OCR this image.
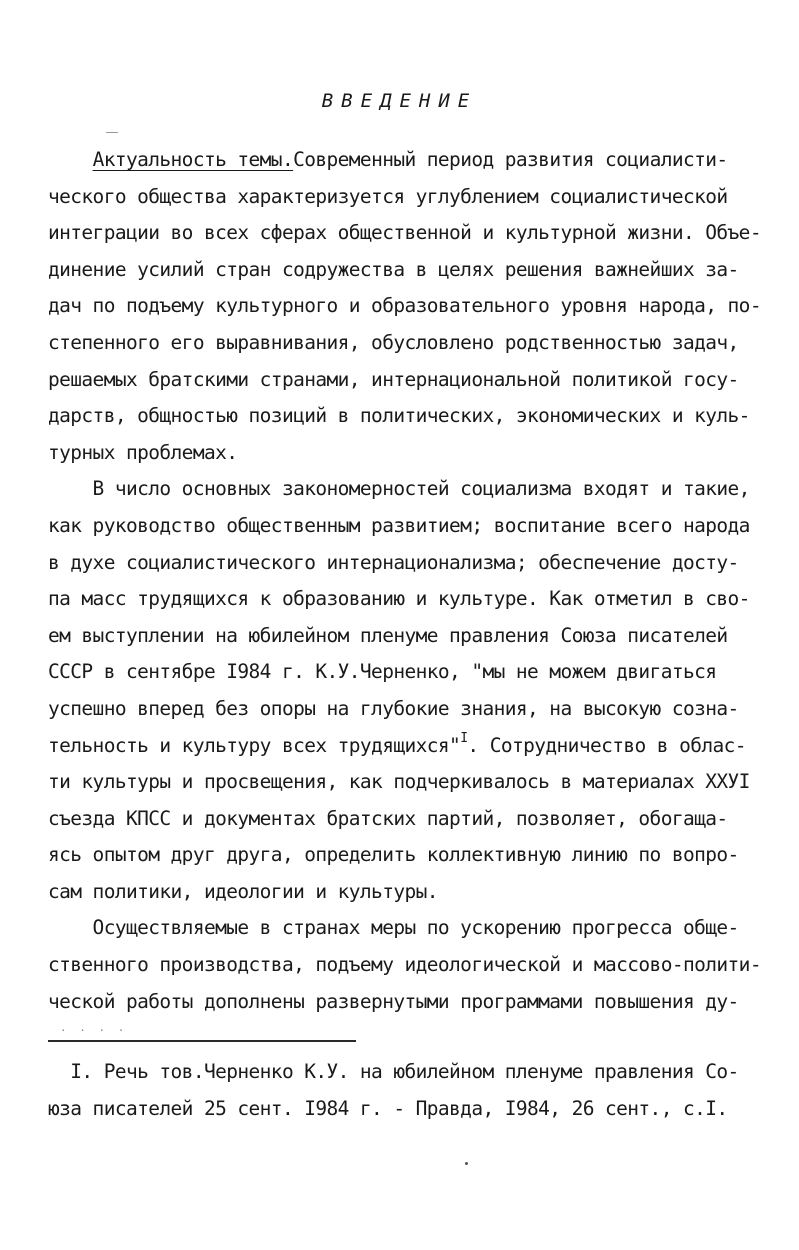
ВВЕДЕНИЕ
Актуальность темы.Современный период развития социалисти-
ческого общества характеризуется углублением социалистической
интеграции во всех сферах общественной и культурной жизни. Объе-
динение усилий стран содружества в целях решения важнейших за-
дач по подъему культурного и образовательного уровня народа, по-
степенного его выравнивания, обусловлено родственностью задач,
решаемых братскими странами, интернациональной политикой госу-
дарств, общностью позиций в политических, экономических и куль-
турных проблемах.
В число основных закономерностей социализма входят и такие,
как руководство общественным развитием; воспитание всего народа
в духе социалистического интернационализма; обеспечение досту-
па масс трудящихся к образованию и культуре. Как отметил в сво-
ем выступлении на юбилейном пленуме правления Союза писателей
СССР в сентябре I984 г. К.У.Черненко, "мы не можем двигаться
успешно вперед без опоры на глубокие знания, на высокую созна-
тельность и культуру всех трудящихся"$^I$. Сотрудничество в облас-
ти культуры и просвещения, как подчеркивалось в материалах ХХУI
съезда КПСС и документах братских партий, позволяет, обогаща-
ясь опытом друг друга, определить коллективную линию по вопро-
сам политики, идеологии и культуры.
Осуществляемые в странах меры по ускорению прогресса обще-
ственного производства, подъему идеологической и массово-полити-
ческой работы дополнены развернутыми программами повышения ду-
· · · ·
I. Речь тов.Черненко К.У. на юбилейном пленуме правления Со-
юза писателей 25 сент. I984 г. - Правда, I984, 26 сент., с.I.
